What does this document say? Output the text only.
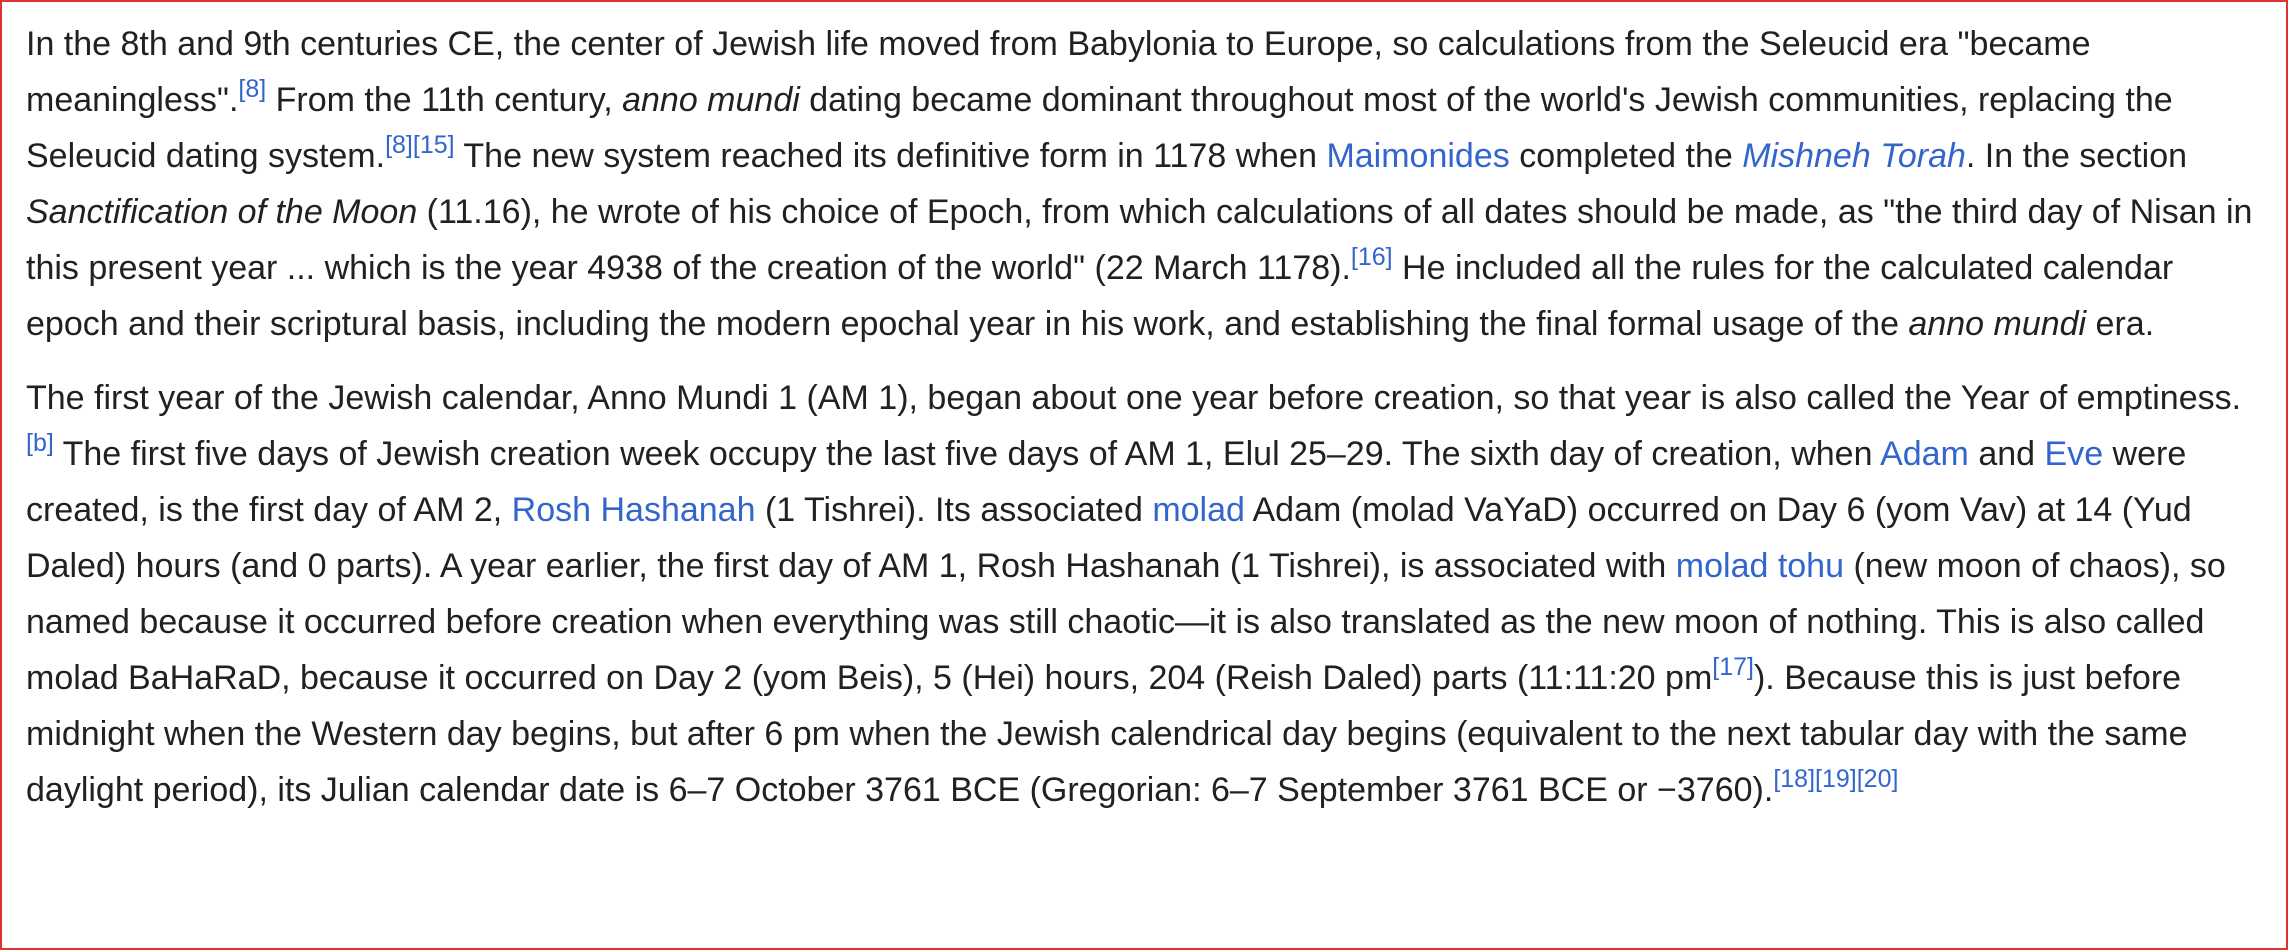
In the 8th and 9th centuries CE, the center of Jewish life moved from Babylonia to Europe, so calculations from the Seleucid era "became meaningless".[8] From the 11th century, anno mundi dating became dominant throughout most of the world's Jewish communities, replacing the Seleucid dating system.[8][15] The new system reached its definitive form in 1178 when Maimonides completed the Mishneh Torah. In the section Sanctification of the Moon (11.16), he wrote of his choice of Epoch, from which calculations of all dates should be made, as "the third day of Nisan in this present year ... which is the year 4938 of the creation of the world" (22 March 1178).[16] He included all the rules for the calculated calendar epoch and their scriptural basis, including the modern epochal year in his work, and establishing the final formal usage of the anno mundi era.

The first year of the Jewish calendar, Anno Mundi 1 (AM 1), began about one year before creation, so that year is also called the Year of emptiness. [b] The first five days of Jewish creation week occupy the last five days of AM 1, Elul 25–29. The sixth day of creation, when Adam and Eve were created, is the first day of AM 2, Rosh Hashanah (1 Tishrei). Its associated molad Adam (molad VaYaD) occurred on Day 6 (yom Vav) at 14 (Yud Daled) hours (and 0 parts). A year earlier, the first day of AM 1, Rosh Hashanah (1 Tishrei), is associated with molad tohu (new moon of chaos), so named because it occurred before creation when everything was still chaotic—it is also translated as the new moon of nothing. This is also called molad BaHaRaD, because it occurred on Day 2 (yom Beis), 5 (Hei) hours, 204 (Reish Daled) parts (11:11:20 pm[17]). Because this is just before midnight when the Western day begins, but after 6 pm when the Jewish calendrical day begins (equivalent to the next tabular day with the same daylight period), its Julian calendar date is 6–7 October 3761 BCE (Gregorian: 6–7 September 3761 BCE or −3760).[18][19][20]
